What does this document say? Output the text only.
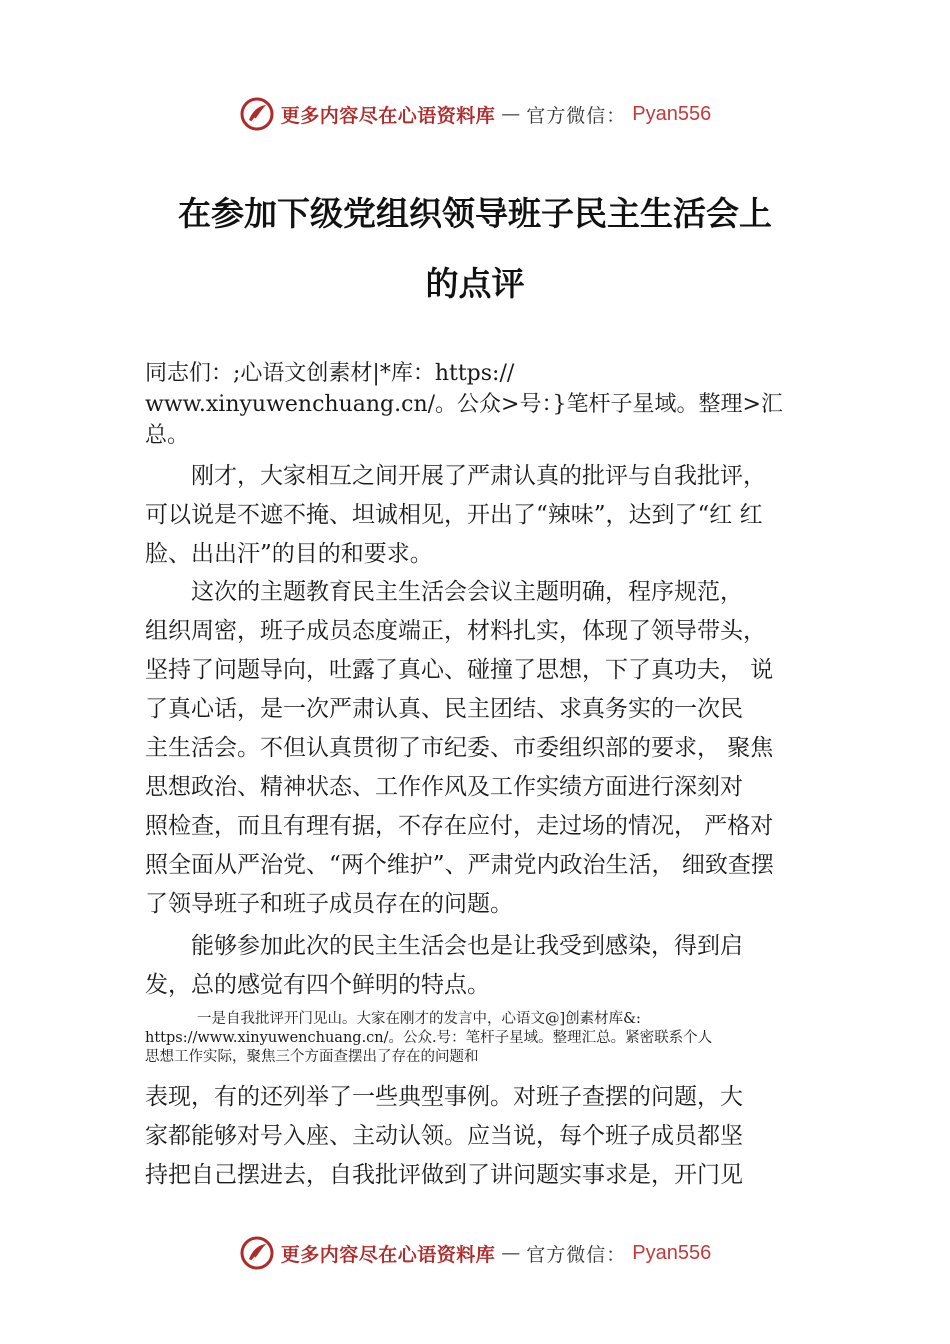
更多内容尽在心语资料库 — 官方微信： Pyan556
在参加下级党组织领导班子民主生活会上
的点评
同志们：;心语文创素材|*库：https://
www.xinyuwenchuang.cn/。公众>号：}笔杆子星域。整理>汇
总。
刚才，大家相互之间开展了严肃认真的批评与自我批评，
可以说是不遮不掩、坦诚相见，开出了“辣味”，达到了“红 红
脸、出出汗”的目的和要求。
这次的主题教育民主生活会会议主题明确，程序规范，
组织周密，班子成员态度端正，材料扎实，体现了领导带头，
坚持了问题导向，吐露了真心、碰撞了思想，下了真功夫， 说
了真心话，是一次严肃认真、民主团结、求真务实的一次民
主生活会。不但认真贯彻了市纪委、市委组织部的要求， 聚焦
思想政治、精神状态、工作作风及工作实绩方面进行深刻对
照检查，而且有理有据，不存在应付，走过场的情况， 严格对
照全面从严治党、“两个维护”、严肃党内政治生活， 细致查摆
了领导班子和班子成员存在的问题。
能够参加此次的民主生活会也是让我受到感染，得到启
发，总的感觉有四个鲜明的特点。
一是自我批评开门见山。大家在刚才的发言中，心语文@]创素材库&:
https://www.xinyuwenchuang.cn/。公众.号：笔杆子星域。整理汇总。紧密联系个人
思想工作实际，聚焦三个方面查摆出了存在的问题和
表现，有的还列举了一些典型事例。对班子查摆的问题，大
家都能够对号入座、主动认领。应当说，每个班子成员都坚
持把自己摆进去，自我批评做到了讲问题实事求是，开门见
更多内容尽在心语资料库 — 官方微信： Pyan556
